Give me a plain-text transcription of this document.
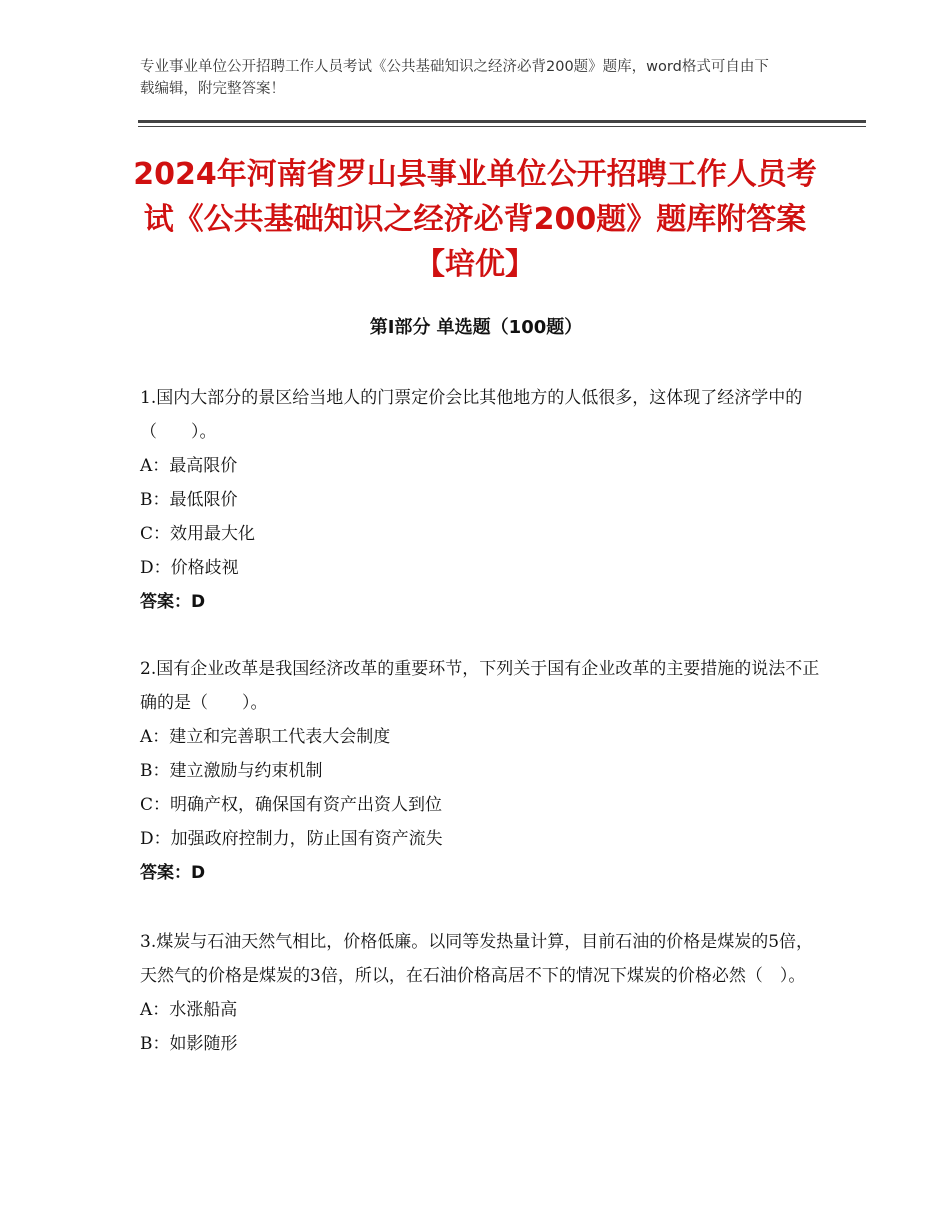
专业事业单位公开招聘工作人员考试《公共基础知识之经济必背200题》题库，word格式可自由下载编辑，附完整答案！
2024年河南省罗山县事业单位公开招聘工作人员考试《公共基础知识之经济必背200题》题库附答案【培优】
第Ⅰ部分 单选题（100题）

1.国内大部分的景区给当地人的门票定价会比其他地方的人低很多，这体现了经济学中的（　　）。

A：最高限价
B：最低限价
C：效用最大化
D：价格歧视
答案：D

2.国有企业改革是我国经济改革的重要环节，下列关于国有企业改革的主要措施的说法不正确的是（　　）。

A：建立和完善职工代表大会制度
B：建立激励与约束机制
C：明确产权，确保国有资产出资人到位
D：加强政府控制力，防止国有资产流失
答案：D

3.煤炭与石油天然气相比，价格低廉。以同等发热量计算，目前石油的价格是煤炭的5倍，天然气的价格是煤炭的3倍，所以，在石油价格高居不下的情况下煤炭的价格必然（　）。

A：水涨船高
B：如影随形
